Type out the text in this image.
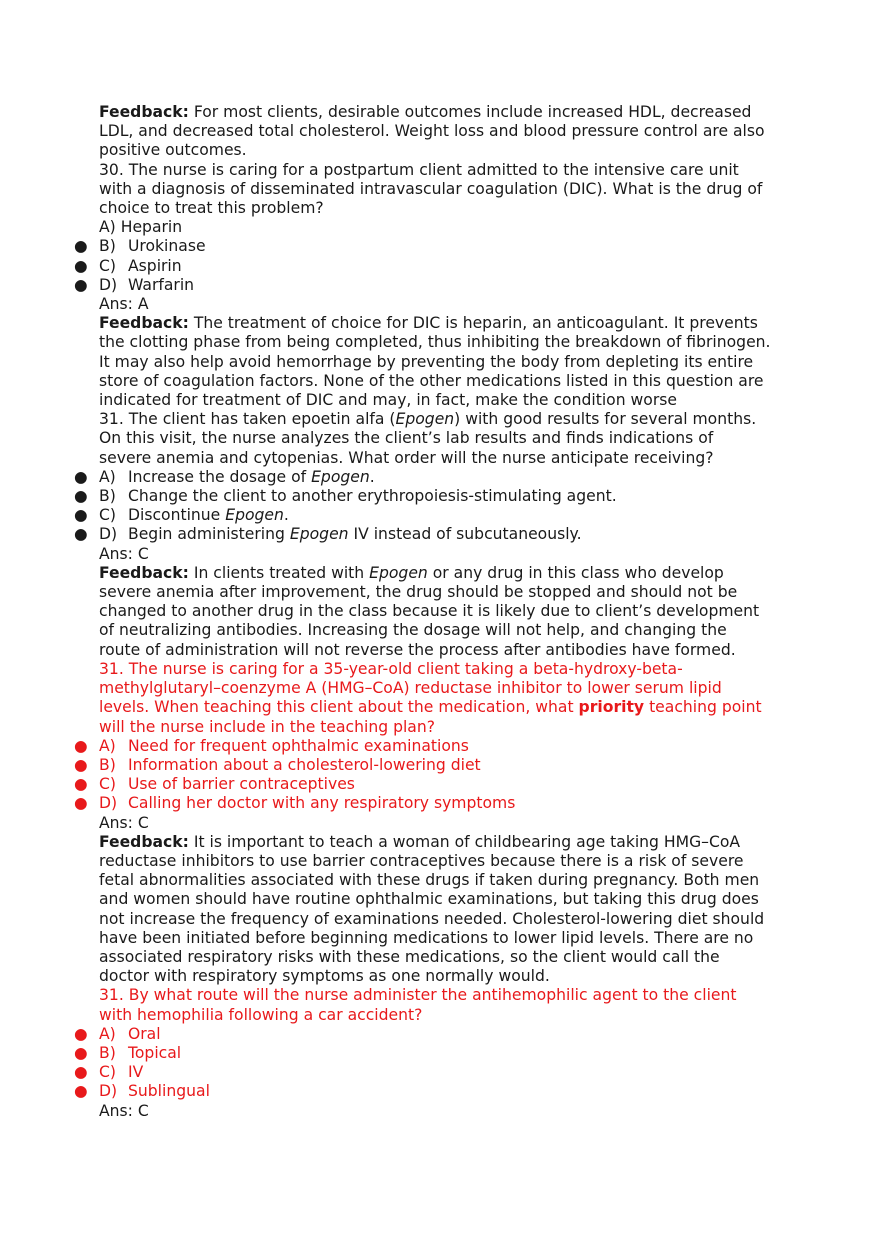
Feedback: For most clients, desirable outcomes include increased HDL, decreased
LDL, and decreased total cholesterol. Weight loss and blood pressure control are also
positive outcomes.
30. The nurse is caring for a postpartum client admitted to the intensive care unit
with a diagnosis of disseminated intravascular coagulation (DIC). What is the drug of
choice to treat this problem?
A) Heparin
● B) Urokinase
● C) Aspirin
● D) Warfarin
Ans: A
Feedback: The treatment of choice for DIC is heparin, an anticoagulant. It prevents
the clotting phase from being completed, thus inhibiting the breakdown of fibrinogen.
It may also help avoid hemorrhage by preventing the body from depleting its entire
store of coagulation factors. None of the other medications listed in this question are
indicated for treatment of DIC and may, in fact, make the condition worse
31. The client has taken epoetin alfa (Epogen) with good results for several months.
On this visit, the nurse analyzes the client’s lab results and finds indications of
severe anemia and cytopenias. What order will the nurse anticipate receiving?
● A) Increase the dosage of Epogen.
● B) Change the client to another erythropoiesis-stimulating agent.
● C) Discontinue Epogen.
● D) Begin administering Epogen IV instead of subcutaneously.
Ans: C
Feedback: In clients treated with Epogen or any drug in this class who develop
severe anemia after improvement, the drug should be stopped and should not be
changed to another drug in the class because it is likely due to client’s development
of neutralizing antibodies. Increasing the dosage will not help, and changing the
route of administration will not reverse the process after antibodies have formed.
31. The nurse is caring for a 35-year-old client taking a beta-hydroxy-beta-
methylglutaryl–coenzyme A (HMG–CoA) reductase inhibitor to lower serum lipid
levels. When teaching this client about the medication, what priority teaching point
will the nurse include in the teaching plan?
● A) Need for frequent ophthalmic examinations
● B) Information about a cholesterol-lowering diet
● C) Use of barrier contraceptives
● D) Calling her doctor with any respiratory symptoms
Ans: C
Feedback: It is important to teach a woman of childbearing age taking HMG–CoA
reductase inhibitors to use barrier contraceptives because there is a risk of severe
fetal abnormalities associated with these drugs if taken during pregnancy. Both men
and women should have routine ophthalmic examinations, but taking this drug does
not increase the frequency of examinations needed. Cholesterol-lowering diet should
have been initiated before beginning medications to lower lipid levels. There are no
associated respiratory risks with these medications, so the client would call the
doctor with respiratory symptoms as one normally would.
31. By what route will the nurse administer the antihemophilic agent to the client
with hemophilia following a car accident?
● A) Oral
● B) Topical
● C) IV
● D) Sublingual
Ans: C
